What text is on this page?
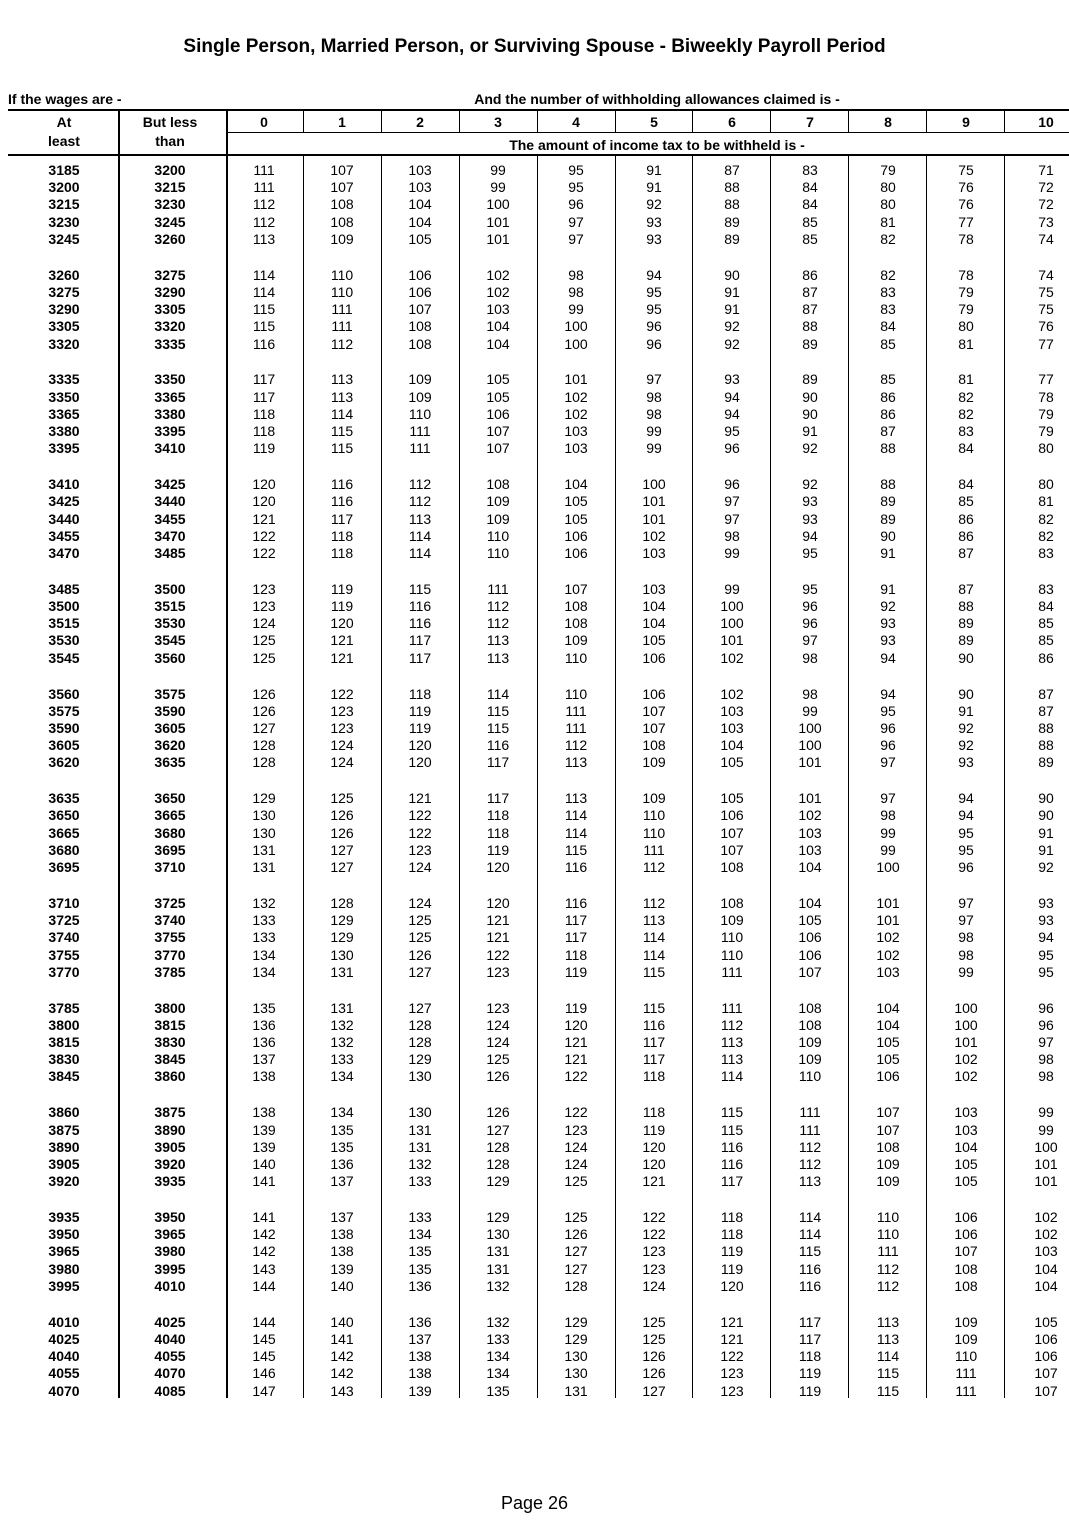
Single Person, Married Person, or Surviving Spouse - Biweekly Payroll Period
If the wages are -	And the number of withholding allowances claimed is -
The amount of income tax to be withheld is -
Page 26
At
least
But less
than
0	1	2	3	4	5	6	7	8	9	10
3185	3200	111	107	103	99	95	91	87	83	79	75	71
3200	3215	111	107	103	99	95	91	88	84	80	76	72
3215	3230	112	108	104	100	96	92	88	84	80	76	72
3230	3245	112	108	104	101	97	93	89	85	81	77	73
3245	3260	113	109	105	101	97	93	89	85	82	78	74
3260	3275	114	110	106	102	98	94	90	86	82	78	74
3275	3290	114	110	106	102	98	95	91	87	83	79	75
3290	3305	115	111	107	103	99	95	91	87	83	79	75
3305	3320	115	111	108	104	100	96	92	88	84	80	76
3320	3335	116	112	108	104	100	96	92	89	85	81	77
3335	3350	117	113	109	105	101	97	93	89	85	81	77
3350	3365	117	113	109	105	102	98	94	90	86	82	78
3365	3380	118	114	110	106	102	98	94	90	86	82	79
3380	3395	118	115	111	107	103	99	95	91	87	83	79
3395	3410	119	115	111	107	103	99	96	92	88	84	80
3410	3425	120	116	112	108	104	100	96	92	88	84	80
3425	3440	120	116	112	109	105	101	97	93	89	85	81
3440	3455	121	117	113	109	105	101	97	93	89	86	82
3455	3470	122	118	114	110	106	102	98	94	90	86	82
3470	3485	122	118	114	110	106	103	99	95	91	87	83
3485	3500	123	119	115	111	107	103	99	95	91	87	83
3500	3515	123	119	116	112	108	104	100	96	92	88	84
3515	3530	124	120	116	112	108	104	100	96	93	89	85
3530	3545	125	121	117	113	109	105	101	97	93	89	85
3545	3560	125	121	117	113	110	106	102	98	94	90	86
3560	3575	126	122	118	114	110	106	102	98	94	90	87
3575	3590	126	123	119	115	111	107	103	99	95	91	87
3590	3605	127	123	119	115	111	107	103	100	96	92	88
3605	3620	128	124	120	116	112	108	104	100	96	92	88
3620	3635	128	124	120	117	113	109	105	101	97	93	89
3635	3650	129	125	121	117	113	109	105	101	97	94	90
3650	3665	130	126	122	118	114	110	106	102	98	94	90
3665	3680	130	126	122	118	114	110	107	103	99	95	91
3680	3695	131	127	123	119	115	111	107	103	99	95	91
3695	3710	131	127	124	120	116	112	108	104	100	96	92
3710	3725	132	128	124	120	116	112	108	104	101	97	93
3725	3740	133	129	125	121	117	113	109	105	101	97	93
3740	3755	133	129	125	121	117	114	110	106	102	98	94
3755	3770	134	130	126	122	118	114	110	106	102	98	95
3770	3785	134	131	127	123	119	115	111	107	103	99	95
3785	3800	135	131	127	123	119	115	111	108	104	100	96
3800	3815	136	132	128	124	120	116	112	108	104	100	96
3815	3830	136	132	128	124	121	117	113	109	105	101	97
3830	3845	137	133	129	125	121	117	113	109	105	102	98
3845	3860	138	134	130	126	122	118	114	110	106	102	98
3860	3875	138	134	130	126	122	118	115	111	107	103	99
3875	3890	139	135	131	127	123	119	115	111	107	103	99
3890	3905	139	135	131	128	124	120	116	112	108	104	100
3905	3920	140	136	132	128	124	120	116	112	109	105	101
3920	3935	141	137	133	129	125	121	117	113	109	105	101
3935	3950	141	137	133	129	125	122	118	114	110	106	102
3950	3965	142	138	134	130	126	122	118	114	110	106	102
3965	3980	142	138	135	131	127	123	119	115	111	107	103
3980	3995	143	139	135	131	127	123	119	116	112	108	104
3995	4010	144	140	136	132	128	124	120	116	112	108	104
4010	4025	144	140	136	132	129	125	121	117	113	109	105
4025	4040	145	141	137	133	129	125	121	117	113	109	106
4040	4055	145	142	138	134	130	126	122	118	114	110	106
4055	4070	146	142	138	134	130	126	123	119	115	111	107
4070	4085	147	143	139	135	131	127	123	119	115	111	107
